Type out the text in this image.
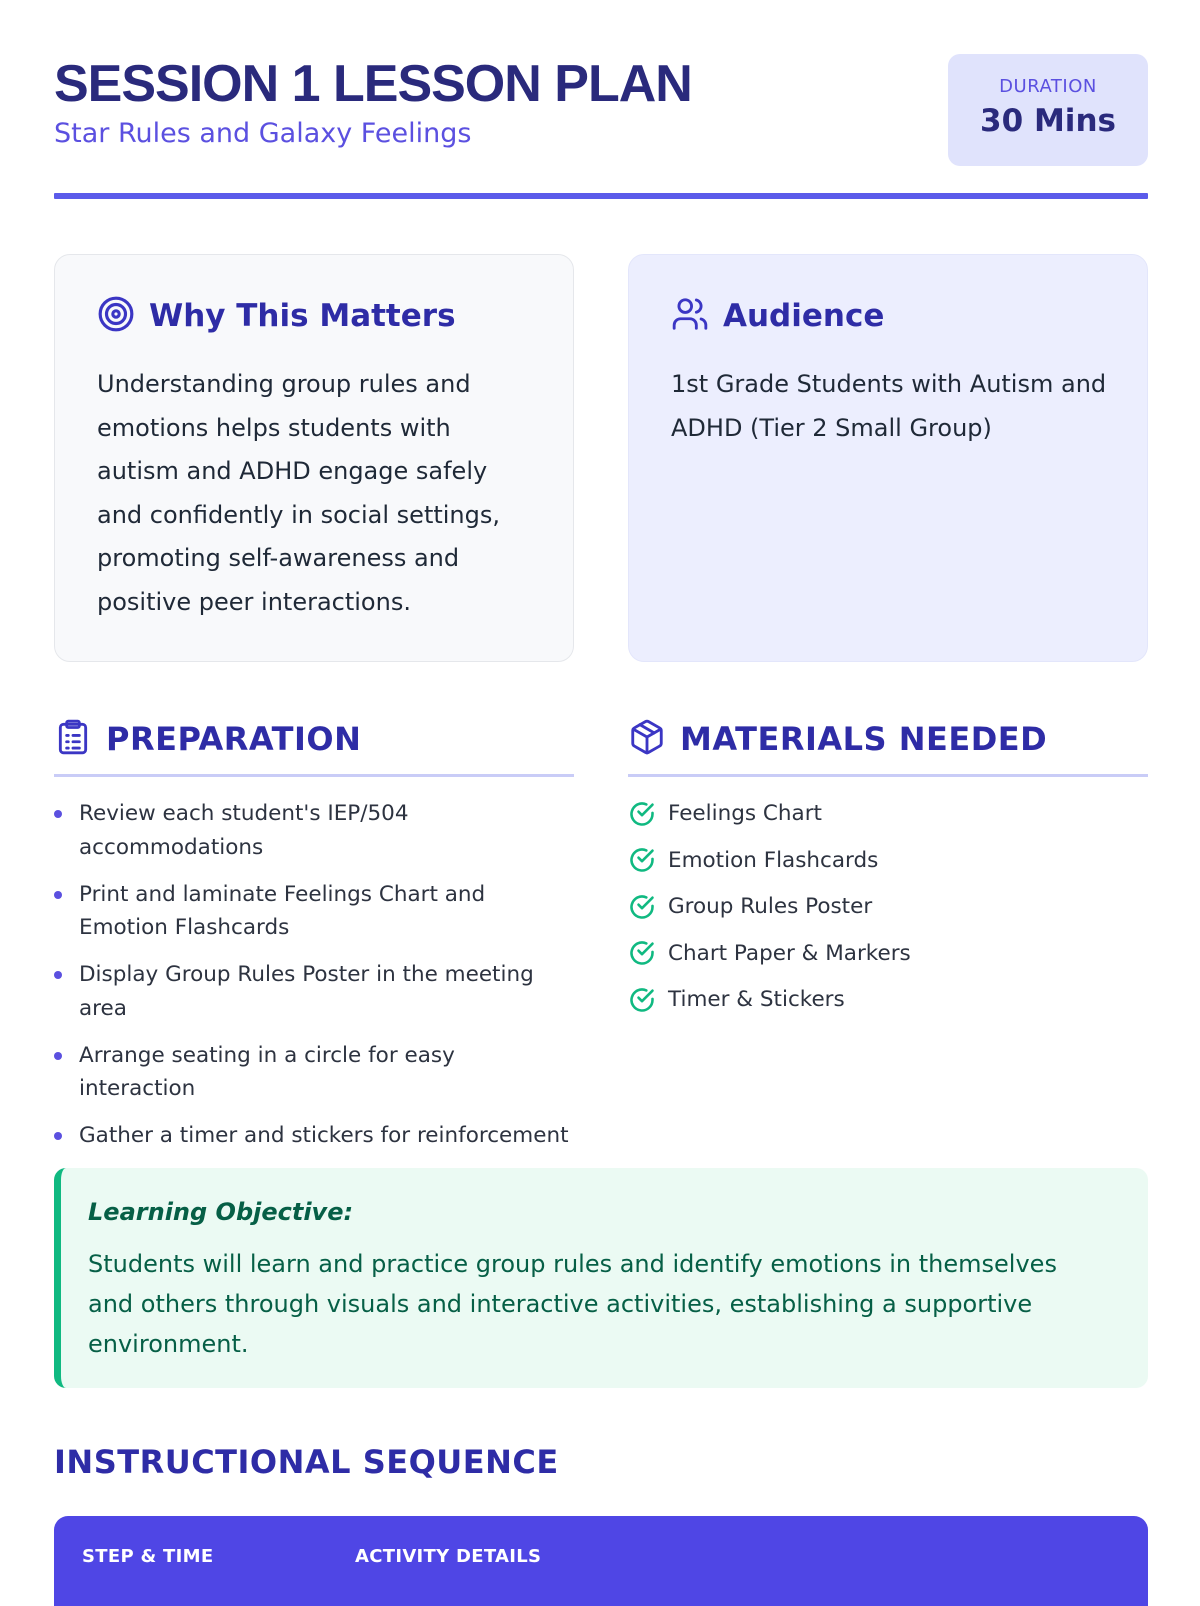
SESSION 1 LESSON PLAN
Star Rules and Galaxy Feelings
DURATION
30 Mins
Why This Matters
Understanding group rules and emotions helps students with autism and ADHD engage safely and confidently in social settings, promoting self-awareness and positive peer interactions.
Audience
1st Grade Students with Autism and ADHD (Tier 2 Small Group)
PREPARATION
Review each student's IEP/504 accommodations
Print and laminate Feelings Chart and Emotion Flashcards
Display Group Rules Poster in the meeting area
Arrange seating in a circle for easy interaction
Gather a timer and stickers for reinforcement
MATERIALS NEEDED
Feelings Chart
Emotion Flashcards
Group Rules Poster
Chart Paper & Markers
Timer & Stickers
Learning Objective:
Students will learn and practice group rules and identify emotions in themselves and others through visuals and interactive activities, establishing a supportive environment.
INSTRUCTIONAL SEQUENCE
STEP & TIME	ACTIVITY DETAILS
